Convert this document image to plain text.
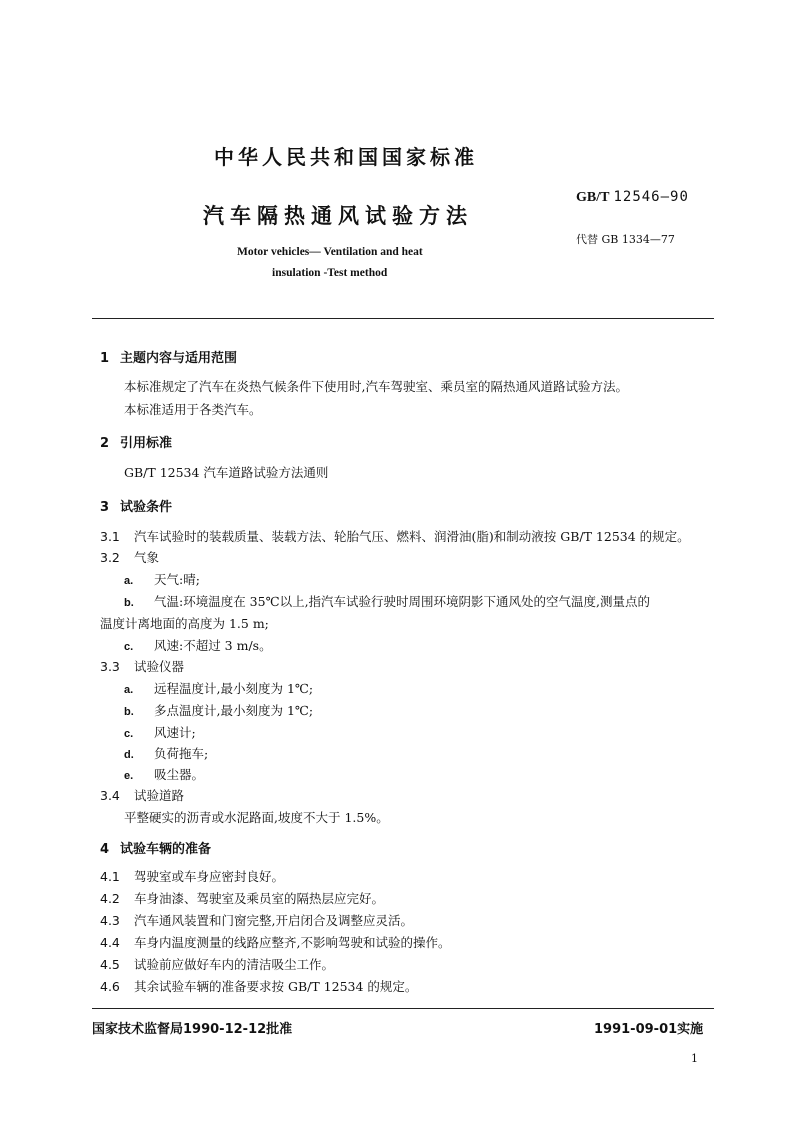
中华人民共和国国家标准
汽车隔热通风试验方法
GB/T 12546—90
代替 GB 1334—77
Motor vehicles— Ventilation and heat
insulation -Test method
1 主题内容与适用范围
本标准规定了汽车在炎热气候条件下使用时,汽车驾驶室、乘员室的隔热通风道路试验方法。
本标准适用于各类汽车。
2 引用标准
GB/T 12534 汽车道路试验方法通则
3 试验条件
3.1 汽车试验时的装载质量、装载方法、轮胎气压、燃料、润滑油(脂)和制动液按 GB/T 12534 的规定。
3.2 气象
a. 天气:晴;
b. 气温:环境温度在 35℃以上,指汽车试验行驶时周围环境阴影下通风处的空气温度,测量点的
温度计离地面的高度为 1.5 m;
c. 风速:不超过 3 m/s。
3.3 试验仪器
a. 远程温度计,最小刻度为 1℃;
b. 多点温度计,最小刻度为 1℃;
c. 风速计;
d. 负荷拖车;
e. 吸尘器。
3.4 试验道路
平整硬实的沥青或水泥路面,坡度不大于 1.5%。
4 试验车辆的准备
4.1 驾驶室或车身应密封良好。
4.2 车身油漆、驾驶室及乘员室的隔热层应完好。
4.3 汽车通风装置和门窗完整,开启闭合及调整应灵活。
4.4 车身内温度测量的线路应整齐,不影响驾驶和试验的操作。
4.5 试验前应做好车内的清洁吸尘工作。
4.6 其余试验车辆的准备要求按 GB/T 12534 的规定。
国家技术监督局1990-12-12批准	1991-09-01实施
1
